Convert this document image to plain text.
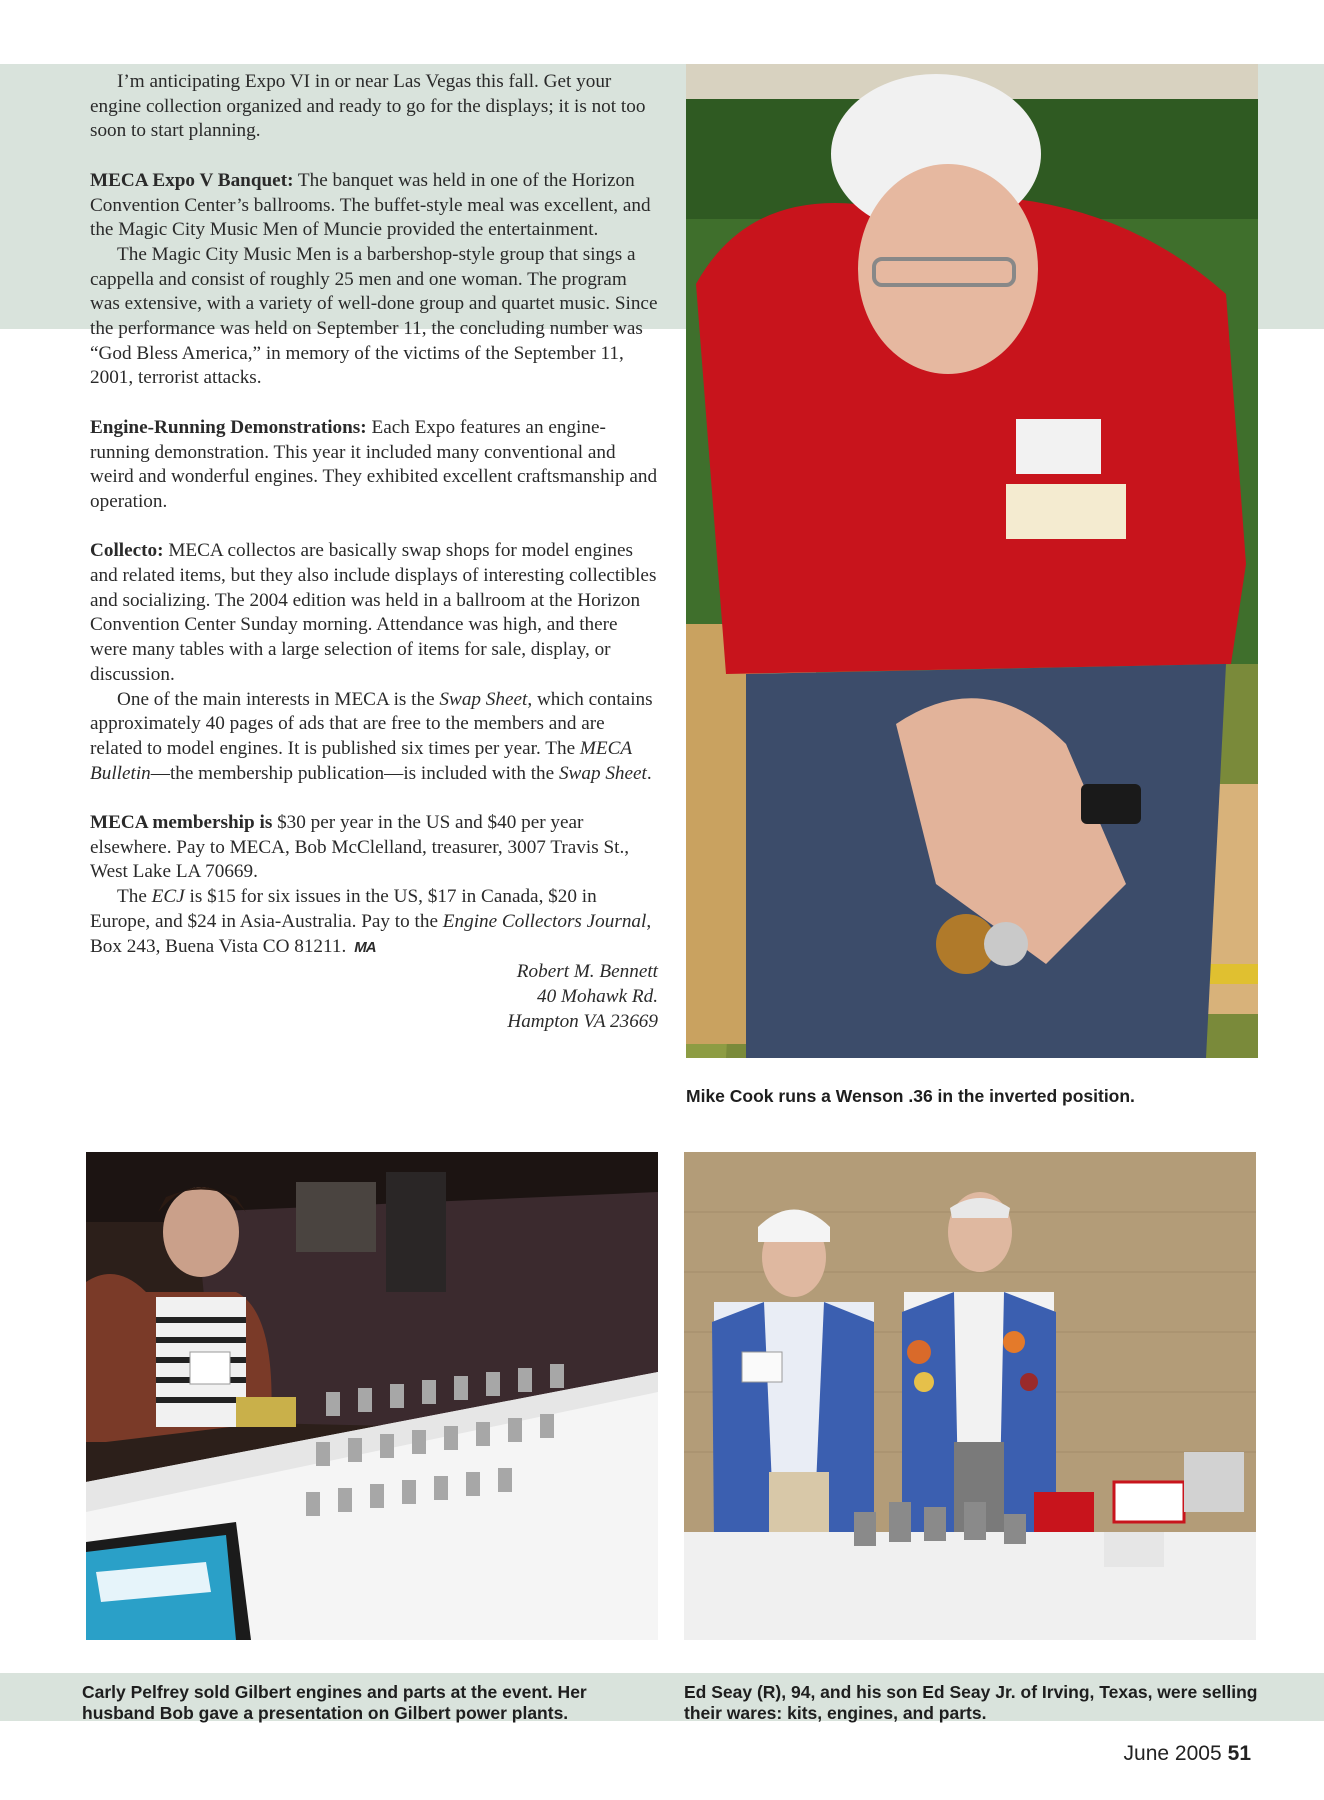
I’m anticipating Expo VI in or near Las Vegas this fall. Get your engine collection organized and ready to go for the displays; it is not too soon to start planning.

MECA Expo V Banquet: The banquet was held in one of the Horizon Convention Center’s ballrooms. The buffet-style meal was excellent, and the Magic City Music Men of Muncie provided the entertainment.

The Magic City Music Men is a barbershop-style group that sings a cappella and consist of roughly 25 men and one woman. The program was extensive, with a variety of well-done group and quartet music. Since the performance was held on September 11, the concluding number was “God Bless America,” in memory of the victims of the September 11, 2001, terrorist attacks.

Engine-Running Demonstrations: Each Expo features an engine-running demonstration. This year it included many conventional and weird and wonderful engines. They exhibited excellent craftsmanship and operation.

Collecto: MECA collectos are basically swap shops for model engines and related items, but they also include displays of interesting collectibles and socializing. The 2004 edition was held in a ballroom at the Horizon Convention Center Sunday morning. Attendance was high, and there were many tables with a large selection of items for sale, display, or discussion.

One of the main interests in MECA is the Swap Sheet, which contains approximately 40 pages of ads that are free to the members and are related to model engines. It is published six times per year. The MECA Bulletin—the membership publication—is included with the Swap Sheet.

MECA membership is $30 per year in the US and $40 per year elsewhere. Pay to MECA, Bob McClelland, treasurer, 3007 Travis St., West Lake LA 70669.

The ECJ is $15 for six issues in the US, $17 in Canada, $20 in Europe, and $24 in Asia-Australia. Pay to the Engine Collectors Journal, Box 243, Buena Vista CO 81211. MA

Robert M. Bennett

40 Mohawk Rd.

Hampton VA 23669

Mike Cook runs a Wenson .36 in the inverted position.
Carly Pelfrey sold Gilbert engines and parts at the event. Her husband Bob gave a presentation on Gilbert power plants.
Ed Seay (R), 94, and his son Ed Seay Jr. of Irving, Texas, were selling their wares: kits, engines, and parts.
June 2005 51
